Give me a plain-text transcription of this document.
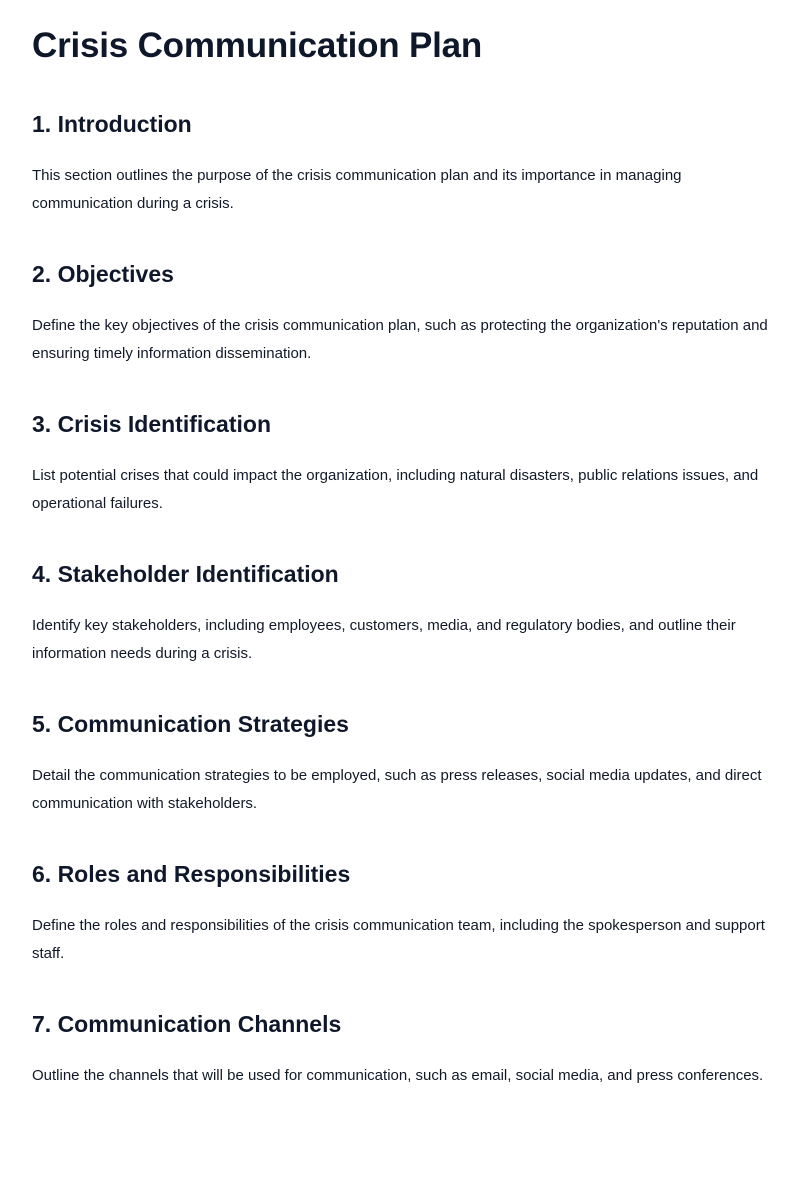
Crisis Communication Plan
1. Introduction

This section outlines the purpose of the crisis communication plan and its importance in managing communication during a crisis.

2. Objectives

Define the key objectives of the crisis communication plan, such as protecting the organization's reputation and ensuring timely information dissemination.

3. Crisis Identification

List potential crises that could impact the organization, including natural disasters, public relations issues, and operational failures.

4. Stakeholder Identification

Identify key stakeholders, including employees, customers, media, and regulatory bodies, and outline their information needs during a crisis.

5. Communication Strategies

Detail the communication strategies to be employed, such as press releases, social media updates, and direct communication with stakeholders.

6. Roles and Responsibilities

Define the roles and responsibilities of the crisis communication team, including the spokesperson and support staff.

7. Communication Channels

Outline the channels that will be used for communication, such as email, social media, and press conferences.
